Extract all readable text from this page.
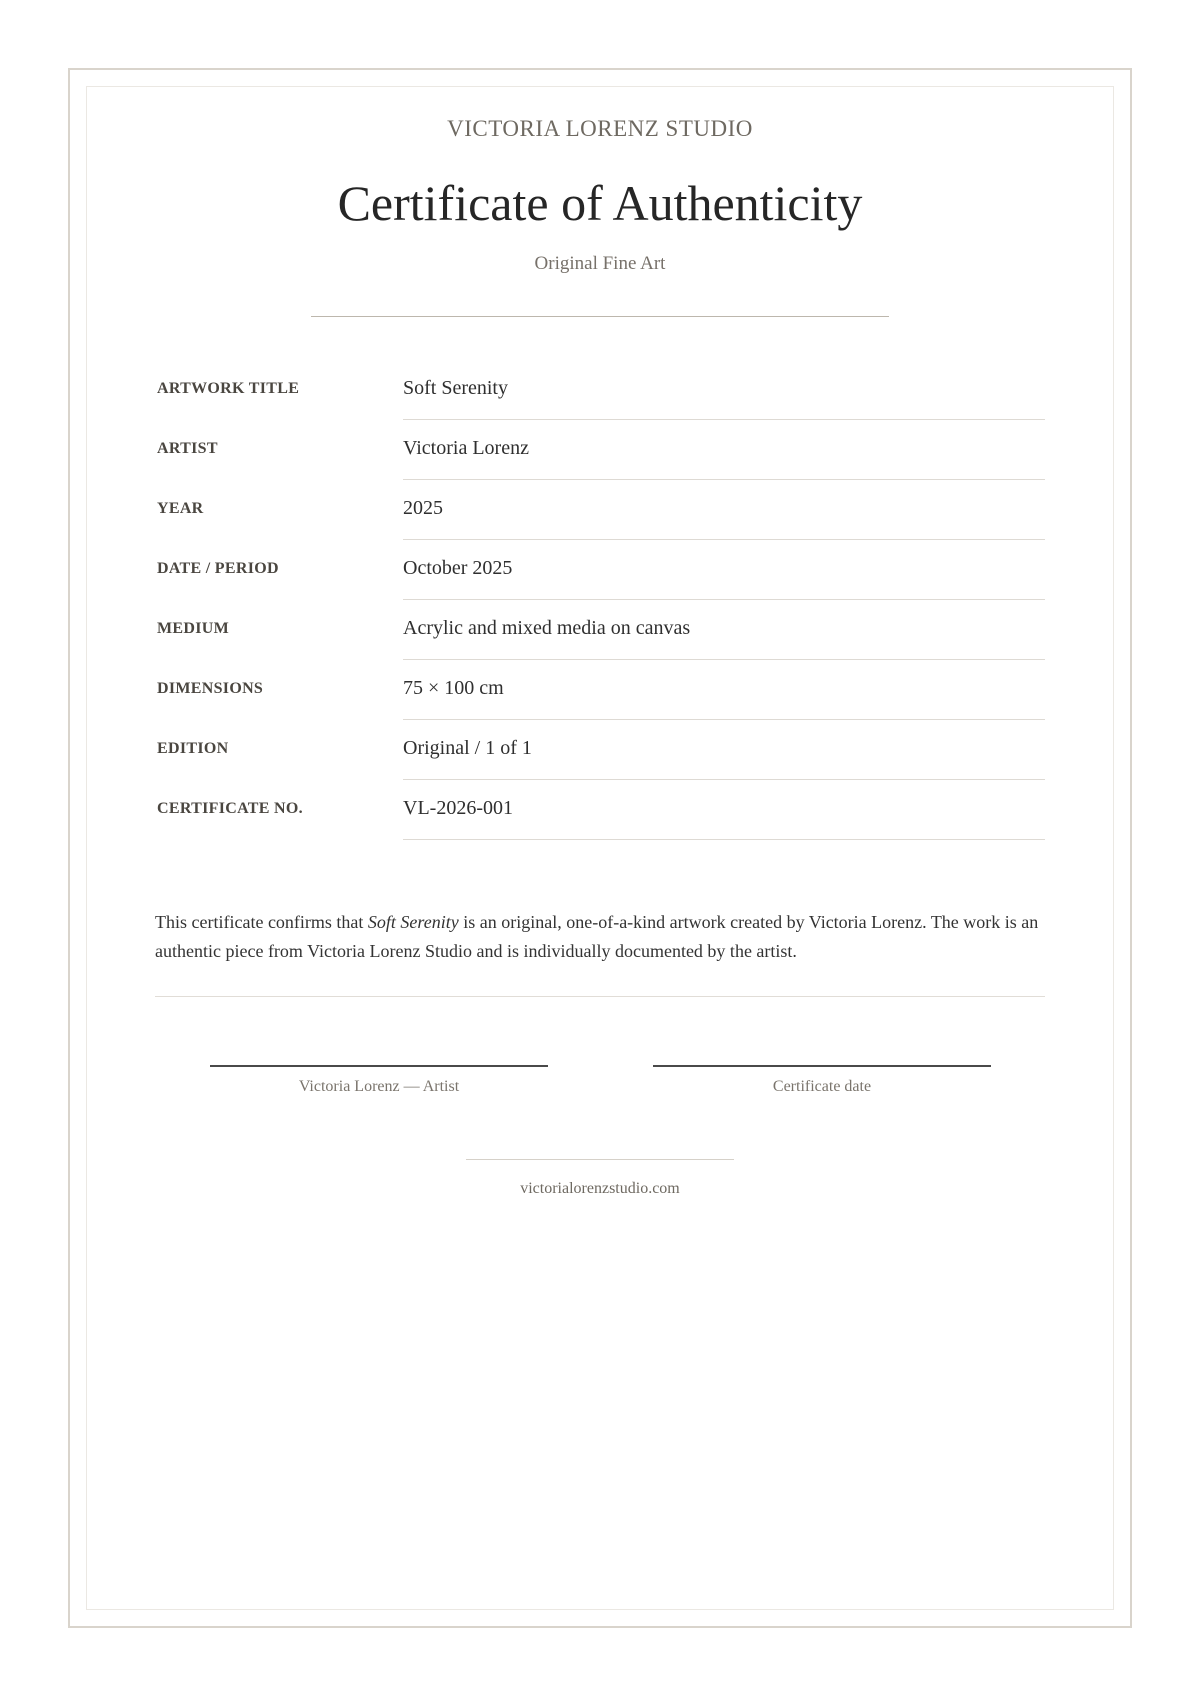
VICTORIA LORENZ STUDIO
Certificate of Authenticity
Original Fine Art
ARTWORK TITLE	Soft Serenity
ARTIST	Victoria Lorenz
YEAR	2025
DATE / PERIOD	October 2025
MEDIUM	Acrylic and mixed media on canvas
DIMENSIONS	75 × 100 cm
EDITION	Original / 1 of 1
CERTIFICATE NO.	VL-2026-001

This certificate confirms that Soft Serenity is an original, one-of-a-kind artwork created by Victoria Lorenz. The work is an authentic piece from Victoria Lorenz Studio and is individually documented by the artist.

Victoria Lorenz — Artist	Certificate date
victorialorenzstudio.com
